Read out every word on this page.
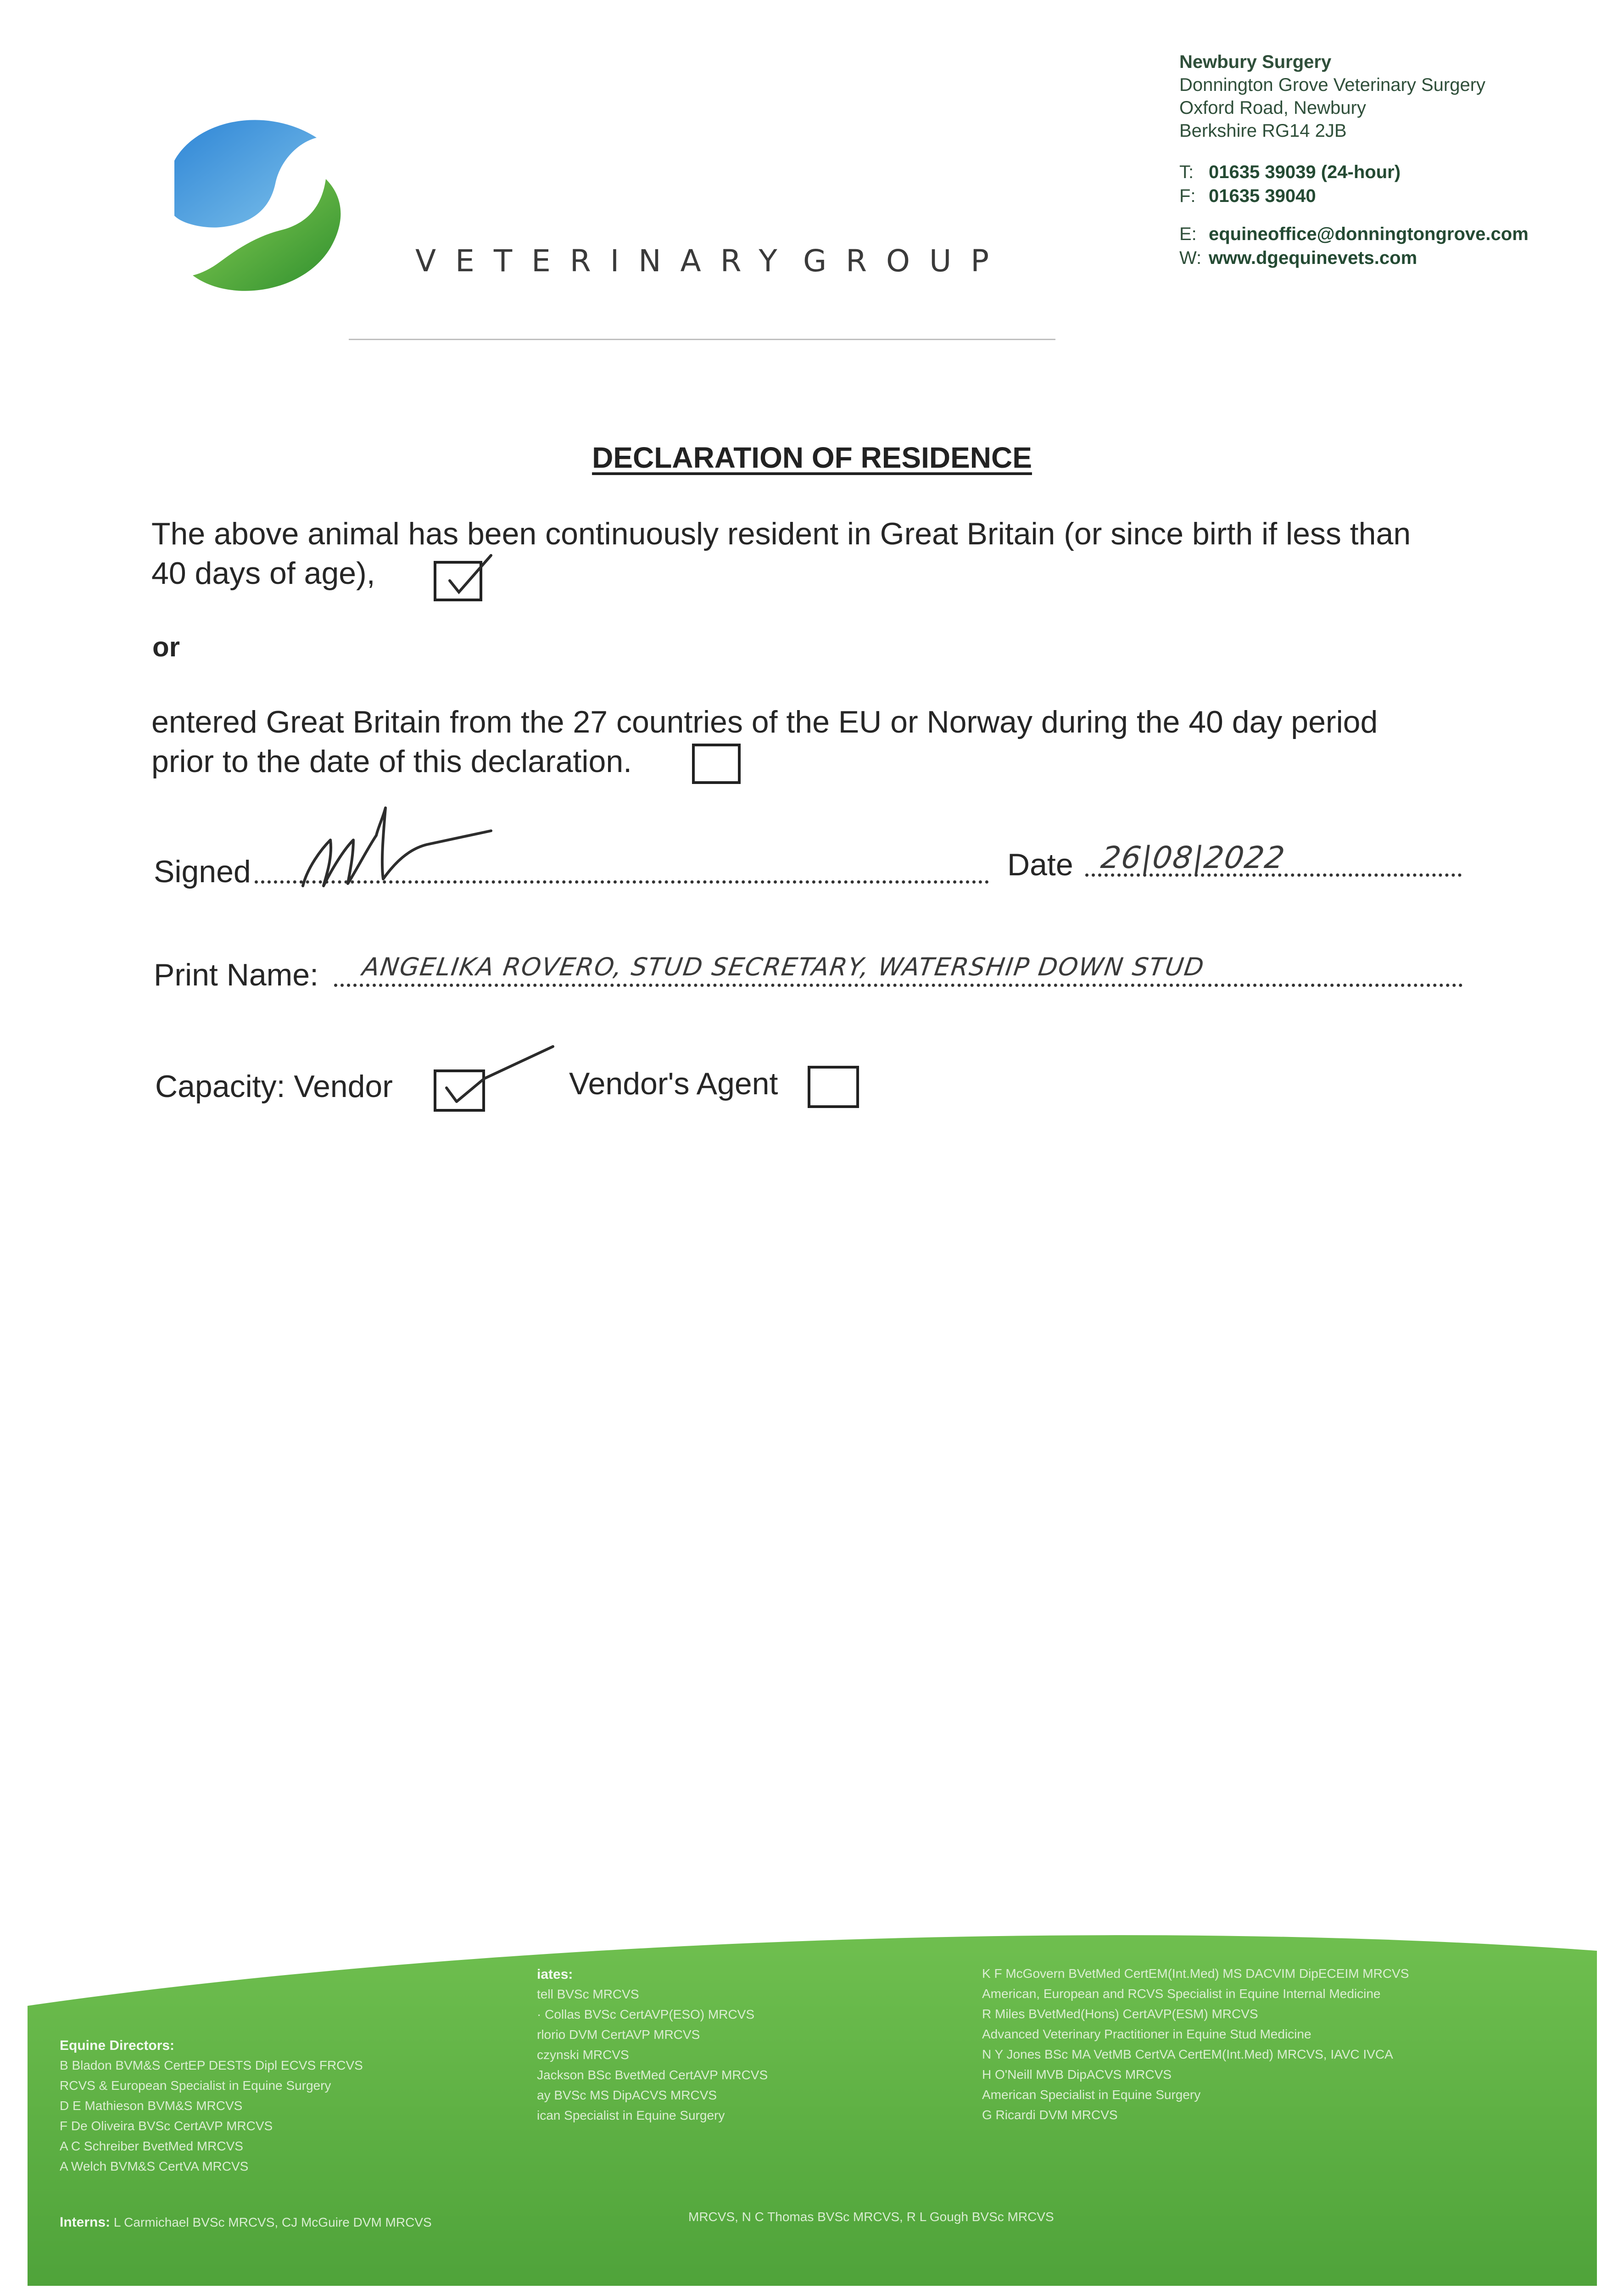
VETERINARY GROUP
Newbury Surgery
Donnington Grove Veterinary Surgery
Oxford Road, Newbury
Berkshire RG14 2JB
T: 01635 39039 (24-hour)
F: 01635 39040
E: equineoffice@donningtongrove.com
W: www.dgequinevets.com
DECLARATION OF RESIDENCE
The above animal has been continuously resident in Great Britain (or since birth if less than
40 days of age),
or
entered Great Britain from the 27 countries of the EU or Norway during the 40 day period
prior to the date of this declaration.
Signed	Date 26|08|2022
Print Name: ANGELIKA ROVERO, STUD SECRETARY, WATERSHIP DOWN STUD
Capacity: Vendor	Vendor's Agent
Equine Directors:
B Bladon BVM&S CertEP DESTS Dipl ECVS FRCVS
RCVS & European Specialist in Equine Surgery
D E Mathieson BVM&S MRCVS
F De Oliveira BVSc CertAVP MRCVS
A C Schreiber BvetMed MRCVS
A Welch BVM&S CertVA MRCVS
iates:
tell BVSc MRCVS
· Collas BVSc CertAVP(ESO) MRCVS
rlorio DVM CertAVP MRCVS
czynski MRCVS
Jackson BSc BvetMed CertAVP MRCVS
ay BVSc MS DipACVS MRCVS
ican Specialist in Equine Surgery
K F McGovern BVetMed CertEM(Int.Med) MS DACVIM DipECEIM MRCVS
American, European and RCVS Specialist in Equine Internal Medicine
R Miles BVetMed(Hons) CertAVP(ESM) MRCVS
Advanced Veterinary Practitioner in Equine Stud Medicine
N Y Jones BSc MA VetMB CertVA CertEM(Int.Med) MRCVS, IAVC IVCA
H O'Neill MVB DipACVS MRCVS
American Specialist in Equine Surgery
G Ricardi DVM MRCVS
Interns: L Carmichael BVSc MRCVS, CJ McGuire DVM MRCVS	MRCVS, N C Thomas BVSc MRCVS, R L Gough BVSc MRCVS
